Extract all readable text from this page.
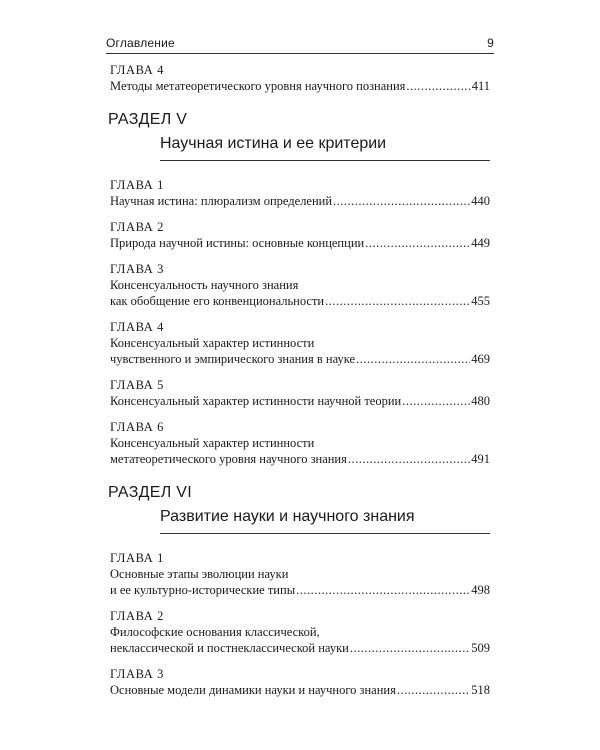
Оглавление	9
ГЛАВА 4
Методы метатеоретического уровня научного познания .....	411
РАЗДЕЛ V
Научная истина и ее критерии
ГЛАВА 1
Научная истина: плюрализм определений .....	440
ГЛАВА 2
Природа научной истины: основные концепции .....	449
ГЛАВА 3
Консенсуальность научного знания
как обобщение его конвенциональности .....	455
ГЛАВА 4
Консенсуальный характер истинности
чувственного и эмпирического знания в науке .....	469
ГЛАВА 5
Консенсуальный характер истинности научной теории .....	480
ГЛАВА 6
Консенсуальный характер истинности
метатеоретического уровня научного знания .....	491
РАЗДЕЛ VI
Развитие науки и научного знания
ГЛАВА 1
Основные этапы эволюции науки
и ее культурно-исторические типы .....	498
ГЛАВА 2
Философские основания классической,
неклассической и постнеклассической науки .....	509
ГЛАВА 3
Основные модели динамики науки и научного знания .....	518
